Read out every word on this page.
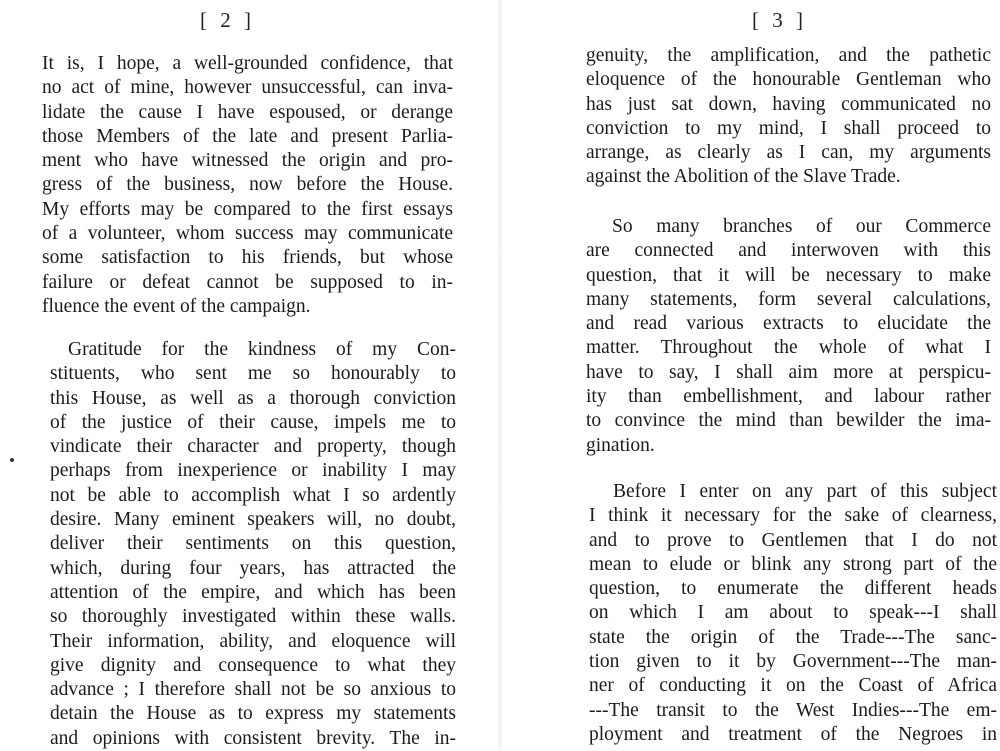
[ 2 ]

It is, I hope, a well-grounded confidence, that

no act of mine, however unsuccessful, can inva-

lidate the cause I have espoused, or derange

those Members of the late and present Parlia-

ment who have witnessed the origin and pro-

gress of the business, now before the House.

My efforts may be compared to the first essays

of a volunteer, whom success may communicate

some satisfaction to his friends, but whose

failure or defeat cannot be supposed to in-

fluence the event of the campaign.

Gratitude for the kindness of my Con-

stituents, who sent me so honourably to

this House, as well as a thorough conviction

of the justice of their cause, impels me to

vindicate their character and property, though

perhaps from inexperience or inability I may

not be able to accomplish what I so ardently

desire. Many eminent speakers will, no doubt,

deliver their sentiments on this question,

which, during four years, has attracted the

attention of the empire, and which has been

so thoroughly investigated within these walls.

Their information, ability, and eloquence will

give dignity and consequence to what they

advance ; I therefore shall not be so anxious to

detain the House as to express my statements

and opinions with consistent brevity. The in-

[ 3 ]

genuity, the amplification, and the pathetic

eloquence of the honourable Gentleman who

has just sat down, having communicated no

conviction to my mind, I shall proceed to

arrange, as clearly as I can, my arguments

against the Abolition of the Slave Trade.

So many branches of our Commerce

are connected and interwoven with this

question, that it will be necessary to make

many statements, form several calculations,

and read various extracts to elucidate the

matter. Throughout the whole of what I

have to say, I shall aim more at perspicu-

ity than embellishment, and labour rather

to convince the mind than bewilder the ima-

gination.

Before I enter on any part of this subject

I think it necessary for the sake of clearness,

and to prove to Gentlemen that I do not

mean to elude or blink any strong part of the

question, to enumerate the different heads

on which I am about to speak---I shall

state the origin of the Trade---The sanc-

tion given to it by Government---The man-

ner of conducting it on the Coast of Africa

---The transit to the West Indies---The em-

ployment and treatment of the Negroes in
